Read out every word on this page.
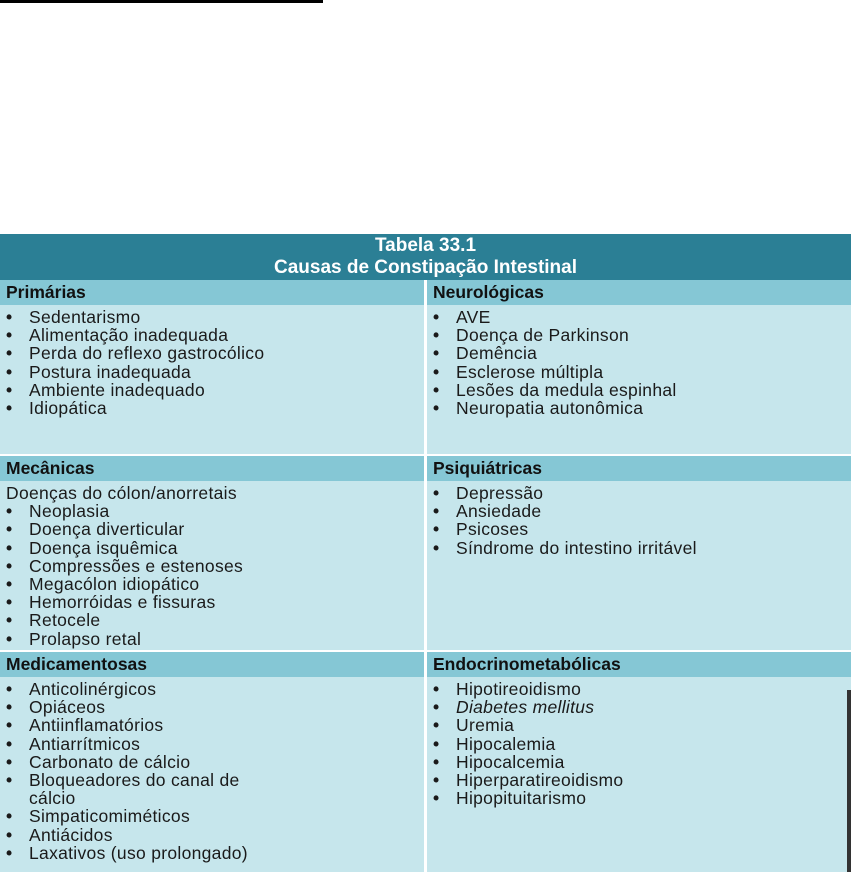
Tabela 33.1
Causas de Constipação Intestinal
Primárias
• Sedentarismo
• Alimentação inadequada
• Perda do reflexo gastrocólico
• Postura inadequada
• Ambiente inadequado
• Idiopática
Mecânicas
Doenças do cólon/anorretais
• Neoplasia
• Doença diverticular
• Doença isquêmica
• Compressões e estenoses
• Megacólon idiopático
• Hemorróidas e fissuras
• Retocele
• Prolapso retal
Medicamentosas
• Anticolinérgicos
• Opiáceos
• Antiinflamatórios
• Antiarrítmicos
• Carbonato de cálcio
• Bloqueadores do canal de
cálcio
• Simpaticomiméticos
• Antiácidos
• Laxativos (uso prolongado)
Neurológicas
• AVE
• Doença de Parkinson
• Demência
• Esclerose múltipla
• Lesões da medula espinhal
• Neuropatia autonômica
Psiquiátricas
• Depressão
• Ansiedade
• Psicoses
• Síndrome do intestino irritável
Endocrinometabólicas
• Hipotireoidismo
• Diabetes mellitus
• Uremia
• Hipocalemia
• Hipocalcemia
• Hiperparatireoidismo
• Hipopituitarismo
